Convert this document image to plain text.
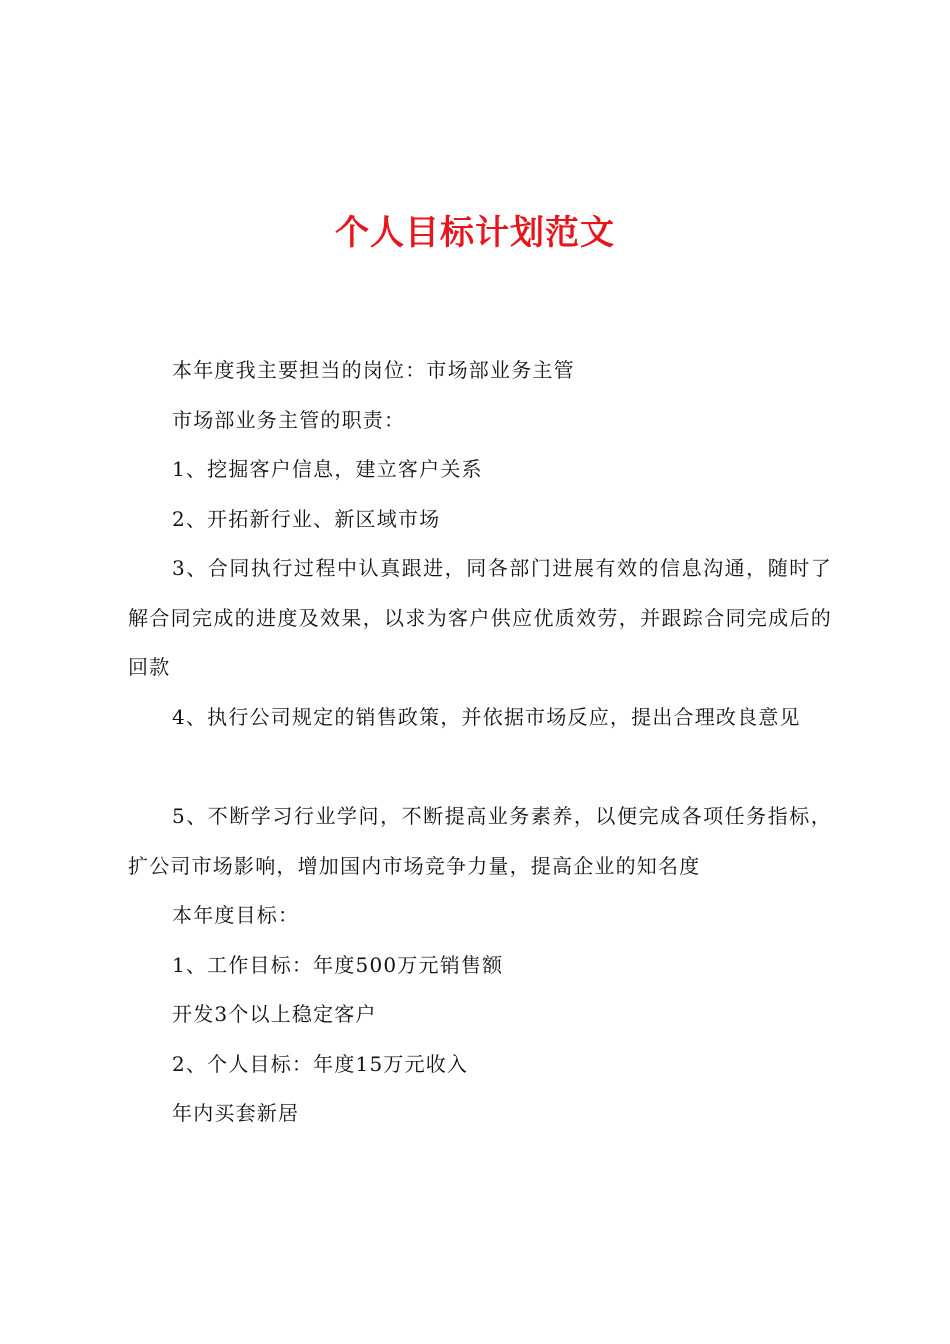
个人目标计划范文

本年度我主要担当的岗位：市场部业务主管

市场部业务主管的职责：

1、挖掘客户信息，建立客户关系

2、开拓新行业、新区域市场

3、合同执行过程中认真跟进，同各部门进展有效的信息沟通，随时了解合同完成的进度及效果，以求为客户供应优质效劳，并跟踪合同完成后的回款

4、执行公司规定的销售政策，并依据市场反应，提出合理改良意见

5、不断学习行业学问，不断提高业务素养，以便完成各项任务指标，扩公司市场影响，增加国内市场竞争力量，提高企业的知名度

本年度目标：

1、工作目标：年度500万元销售额

开发3个以上稳定客户

2、个人目标：年度15万元收入

年内买套新居
